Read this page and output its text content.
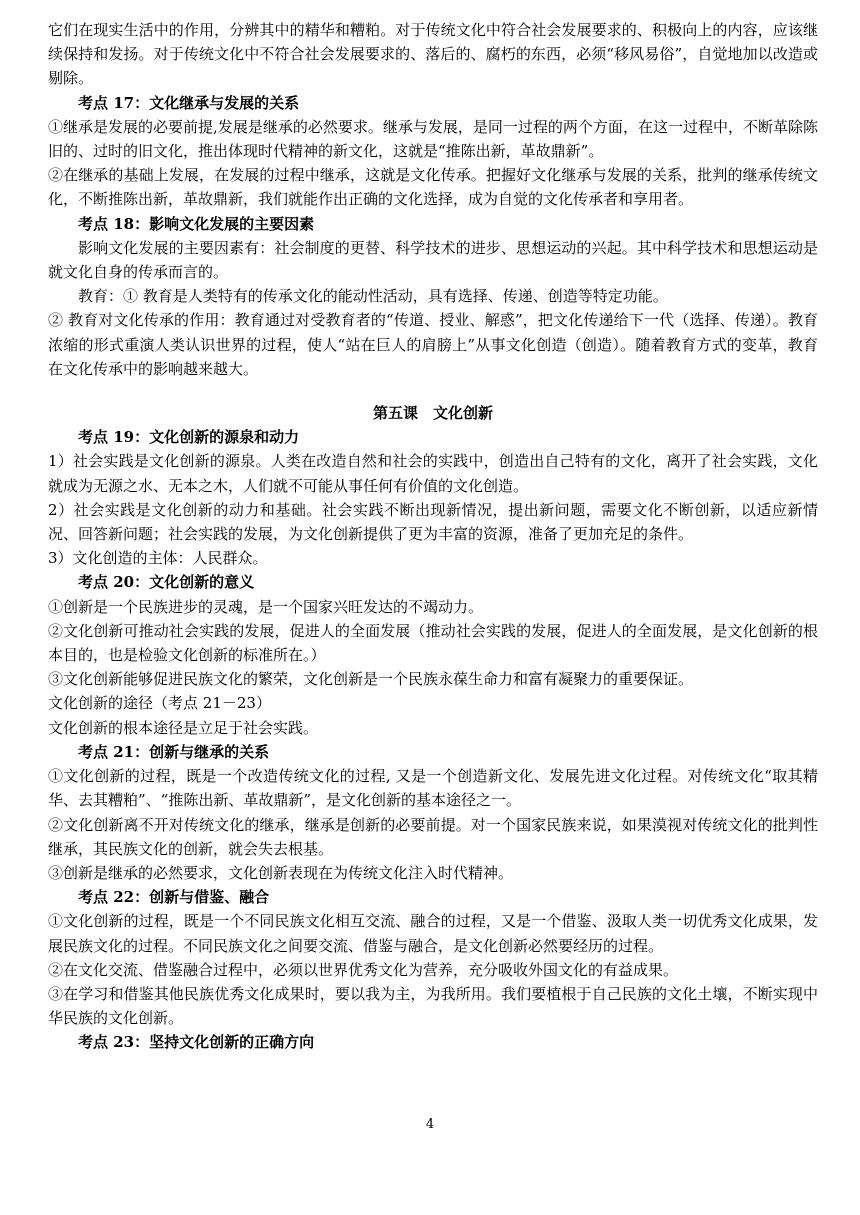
它们在现实生活中的作用，分辨其中的精华和糟粕。对于传统文化中符合社会发展要求的、积极向上的内容，应该继续保持和发扬。对于传统文化中不符合社会发展要求的、落后的、腐朽的东西，必须“移风易俗”，自觉地加以改造或剔除。

考点 17：文化继承与发展的关系

①继承是发展的必要前提,发展是继承的必然要求。继承与发展，是同一过程的两个方面，在这一过程中，不断革除陈旧的、过时的旧文化，推出体现时代精神的新文化，这就是“推陈出新，革故鼎新”。

②在继承的基础上发展，在发展的过程中继承，这就是文化传承。把握好文化继承与发展的关系，批判的继承传统文化，不断推陈出新，革故鼎新，我们就能作出正确的文化选择，成为自觉的文化传承者和享用者。

考点 18：影响文化发展的主要因素

影响文化发展的主要因素有：社会制度的更替、科学技术的进步、思想运动的兴起。其中科学技术和思想运动是就文化自身的传承而言的。

教育：① 教育是人类特有的传承文化的能动性活动，具有选择、传递、创造等特定功能。

② 教育对文化传承的作用：教育通过对受教育者的“传道、授业、解惑”，把文化传递给下一代（选择、传递）。教育浓缩的形式重演人类认识世界的过程，使人“站在巨人的肩膀上”从事文化创造（创造）。随着教育方式的变革，教育在文化传承中的影响越来越大。

第五课　文化创新

考点 19：文化创新的源泉和动力

1）社会实践是文化创新的源泉。人类在改造自然和社会的实践中，创造出自己特有的文化，离开了社会实践，文化就成为无源之水、无本之木，人们就不可能从事任何有价值的文化创造。

2）社会实践是文化创新的动力和基础。社会实践不断出现新情况，提出新问题，需要文化不断创新，以适应新情况、回答新问题；社会实践的发展，为文化创新提供了更为丰富的资源，准备了更加充足的条件。

3）文化创造的主体：人民群众。

考点 20：文化创新的意义

①创新是一个民族进步的灵魂，是一个国家兴旺发达的不竭动力。

②文化创新可推动社会实践的发展，促进人的全面发展（推动社会实践的发展，促进人的全面发展，是文化创新的根本目的，也是检验文化创新的标准所在。）

③文化创新能够促进民族文化的繁荣，文化创新是一个民族永葆生命力和富有凝聚力的重要保证。

文化创新的途径（考点 21－23）

文化创新的根本途径是立足于社会实践。

考点 21：创新与继承的关系

①文化创新的过程，既是一个改造传统文化的过程, 又是一个创造新文化、发展先进文化过程。对传统文化“取其精华、去其糟粕”、“推陈出新、革故鼎新”，是文化创新的基本途径之一。

②文化创新离不开对传统文化的继承，继承是创新的必要前提。对一个国家民族来说，如果漠视对传统文化的批判性继承，其民族文化的创新，就会失去根基。

③创新是继承的必然要求，文化创新表现在为传统文化注入时代精神。

考点 22：创新与借鉴、融合

①文化创新的过程，既是一个不同民族文化相互交流、融合的过程，又是一个借鉴、汲取人类一切优秀文化成果，发展民族文化的过程。不同民族文化之间要交流、借鉴与融合，是文化创新必然要经历的过程。

②在文化交流、借鉴融合过程中，必须以世界优秀文化为营养，充分吸收外国文化的有益成果。

③在学习和借鉴其他民族优秀文化成果时，要以我为主，为我所用。我们要植根于自己民族的文化土壤，不断实现中华民族的文化创新。

考点 23：坚持文化创新的正确方向

4
